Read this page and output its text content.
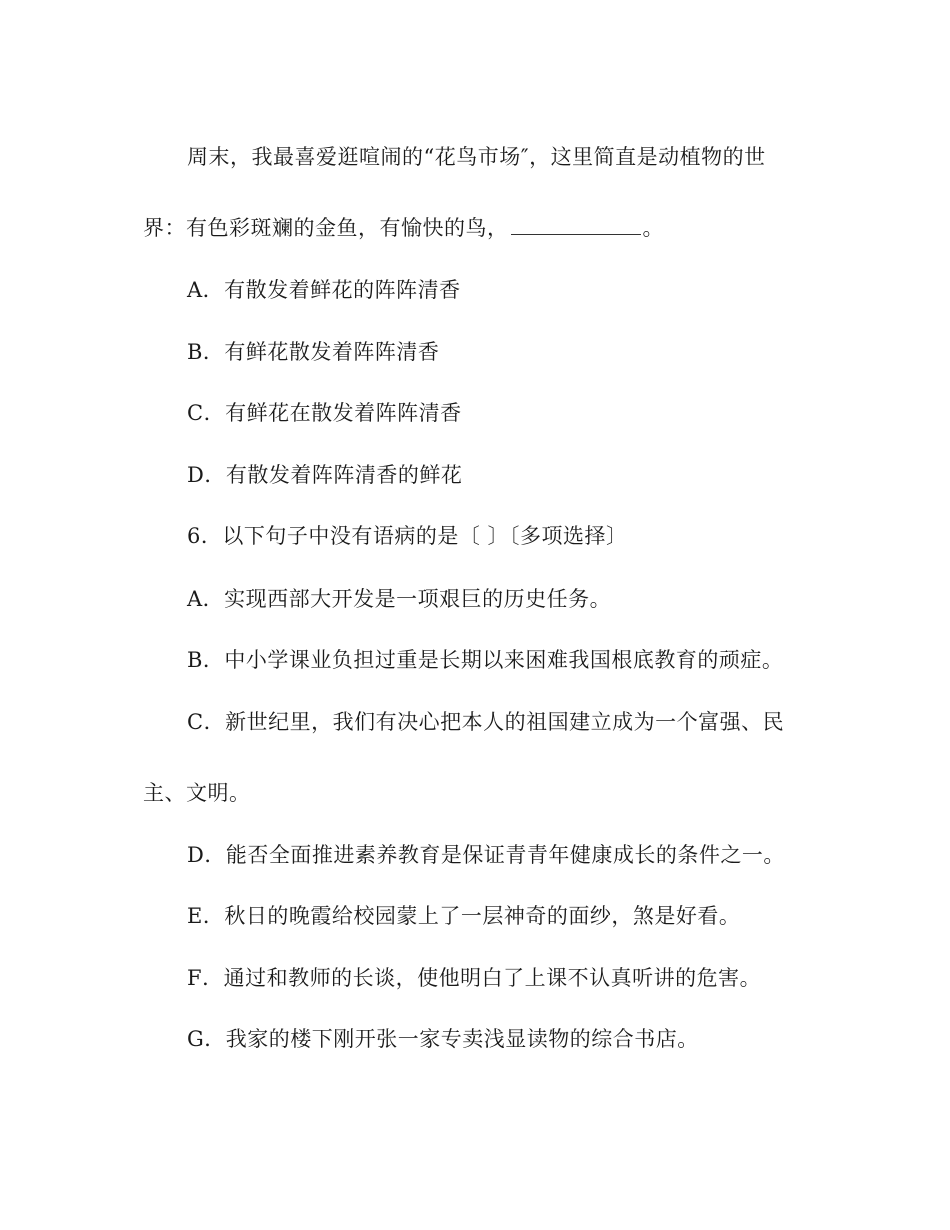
周末，我最喜爱逛喧闹的“花鸟市场″，这里简直是动植物的世
界：有色彩斑斓的金鱼，有愉快的鸟，	。
A．有散发着鲜花的阵阵清香
B．有鲜花散发着阵阵清香
C．有鲜花在散发着阵阵清香
D．有散发着阵阵清香的鲜花
6．以下句子中没有语病的是〔 〕〔多项选择〕
A．实现西部大开发是一项艰巨的历史任务。
B．中小学课业负担过重是长期以来困难我国根底教育的顽症。
C．新世纪里，我们有决心把本人的祖国建立成为一个富强、民
主、文明。
D．能否全面推进素养教育是保证青青年健康成长的条件之一。
E．秋日的晚霞给校园蒙上了一层神奇的面纱，煞是好看。
F．通过和教师的长谈，使他明白了上课不认真听讲的危害。
G．我家的楼下刚开张一家专卖浅显读物的综合书店。
